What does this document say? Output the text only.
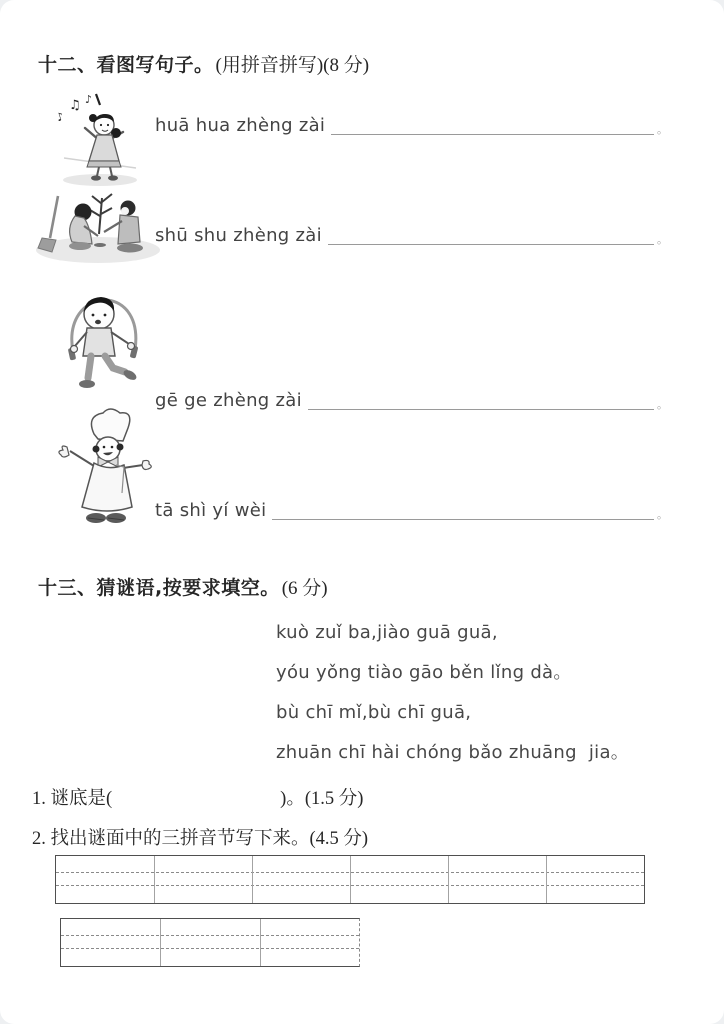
十二、看图写句子。 (用拼音拼写)(8 分)
♪
♫ ♪
huā hua zhèng zài	。
shū shu zhèng zài	。
gē ge zhèng zài	。
tā shì yí wèi	。
十三、猜谜语,按要求填空。 (6 分)
kuò zuǐ ba,jiào guā guā,
yóu yǒng tiào gāo běn lǐng dà。
bù chī mǐ,bù chī guā,
zhuān chī hài chóng bǎo zhuāng  jia。
1. 谜底是(	)。(1.5 分)
2. 找出谜面中的三拼音节写下来。(4.5 分)
